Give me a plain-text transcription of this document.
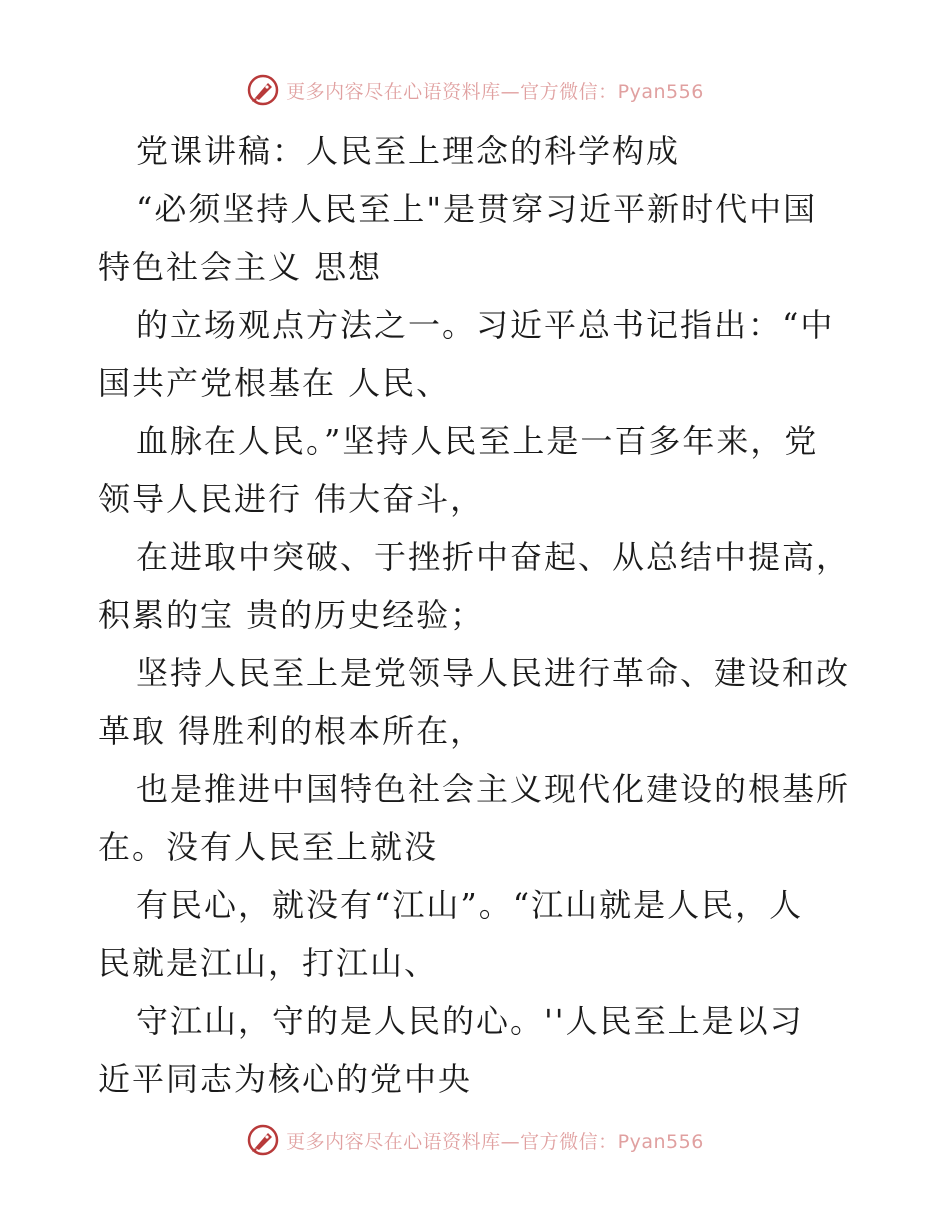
更多内容尽在心语资料库—官方微信：Pyan556
党课讲稿：人民至上理念的科学构成
“必须坚持人民至上"是贯穿习近平新时代中国
特色社会主义 思想
的立场观点方法之一。习近平总书记指出：“中
国共产党根基在 人民、
血脉在人民。”坚持人民至上是一百多年来，党
领导人民进行 伟大奋斗，
在进取中突破、于挫折中奋起、从总结中提高，
积累的宝 贵的历史经验；
坚持人民至上是党领导人民进行革命、建设和改
革取 得胜利的根本所在，
也是推进中国特色社会主义现代化建设的根基所
在。没有人民至上就没
有民心，就没有“江山”。“江山就是人民，人
民就是江山，打江山、
守江山，守的是人民的心。''人民至上是以习
近平同志为核心的党中央
更多内容尽在心语资料库—官方微信：Pyan556
